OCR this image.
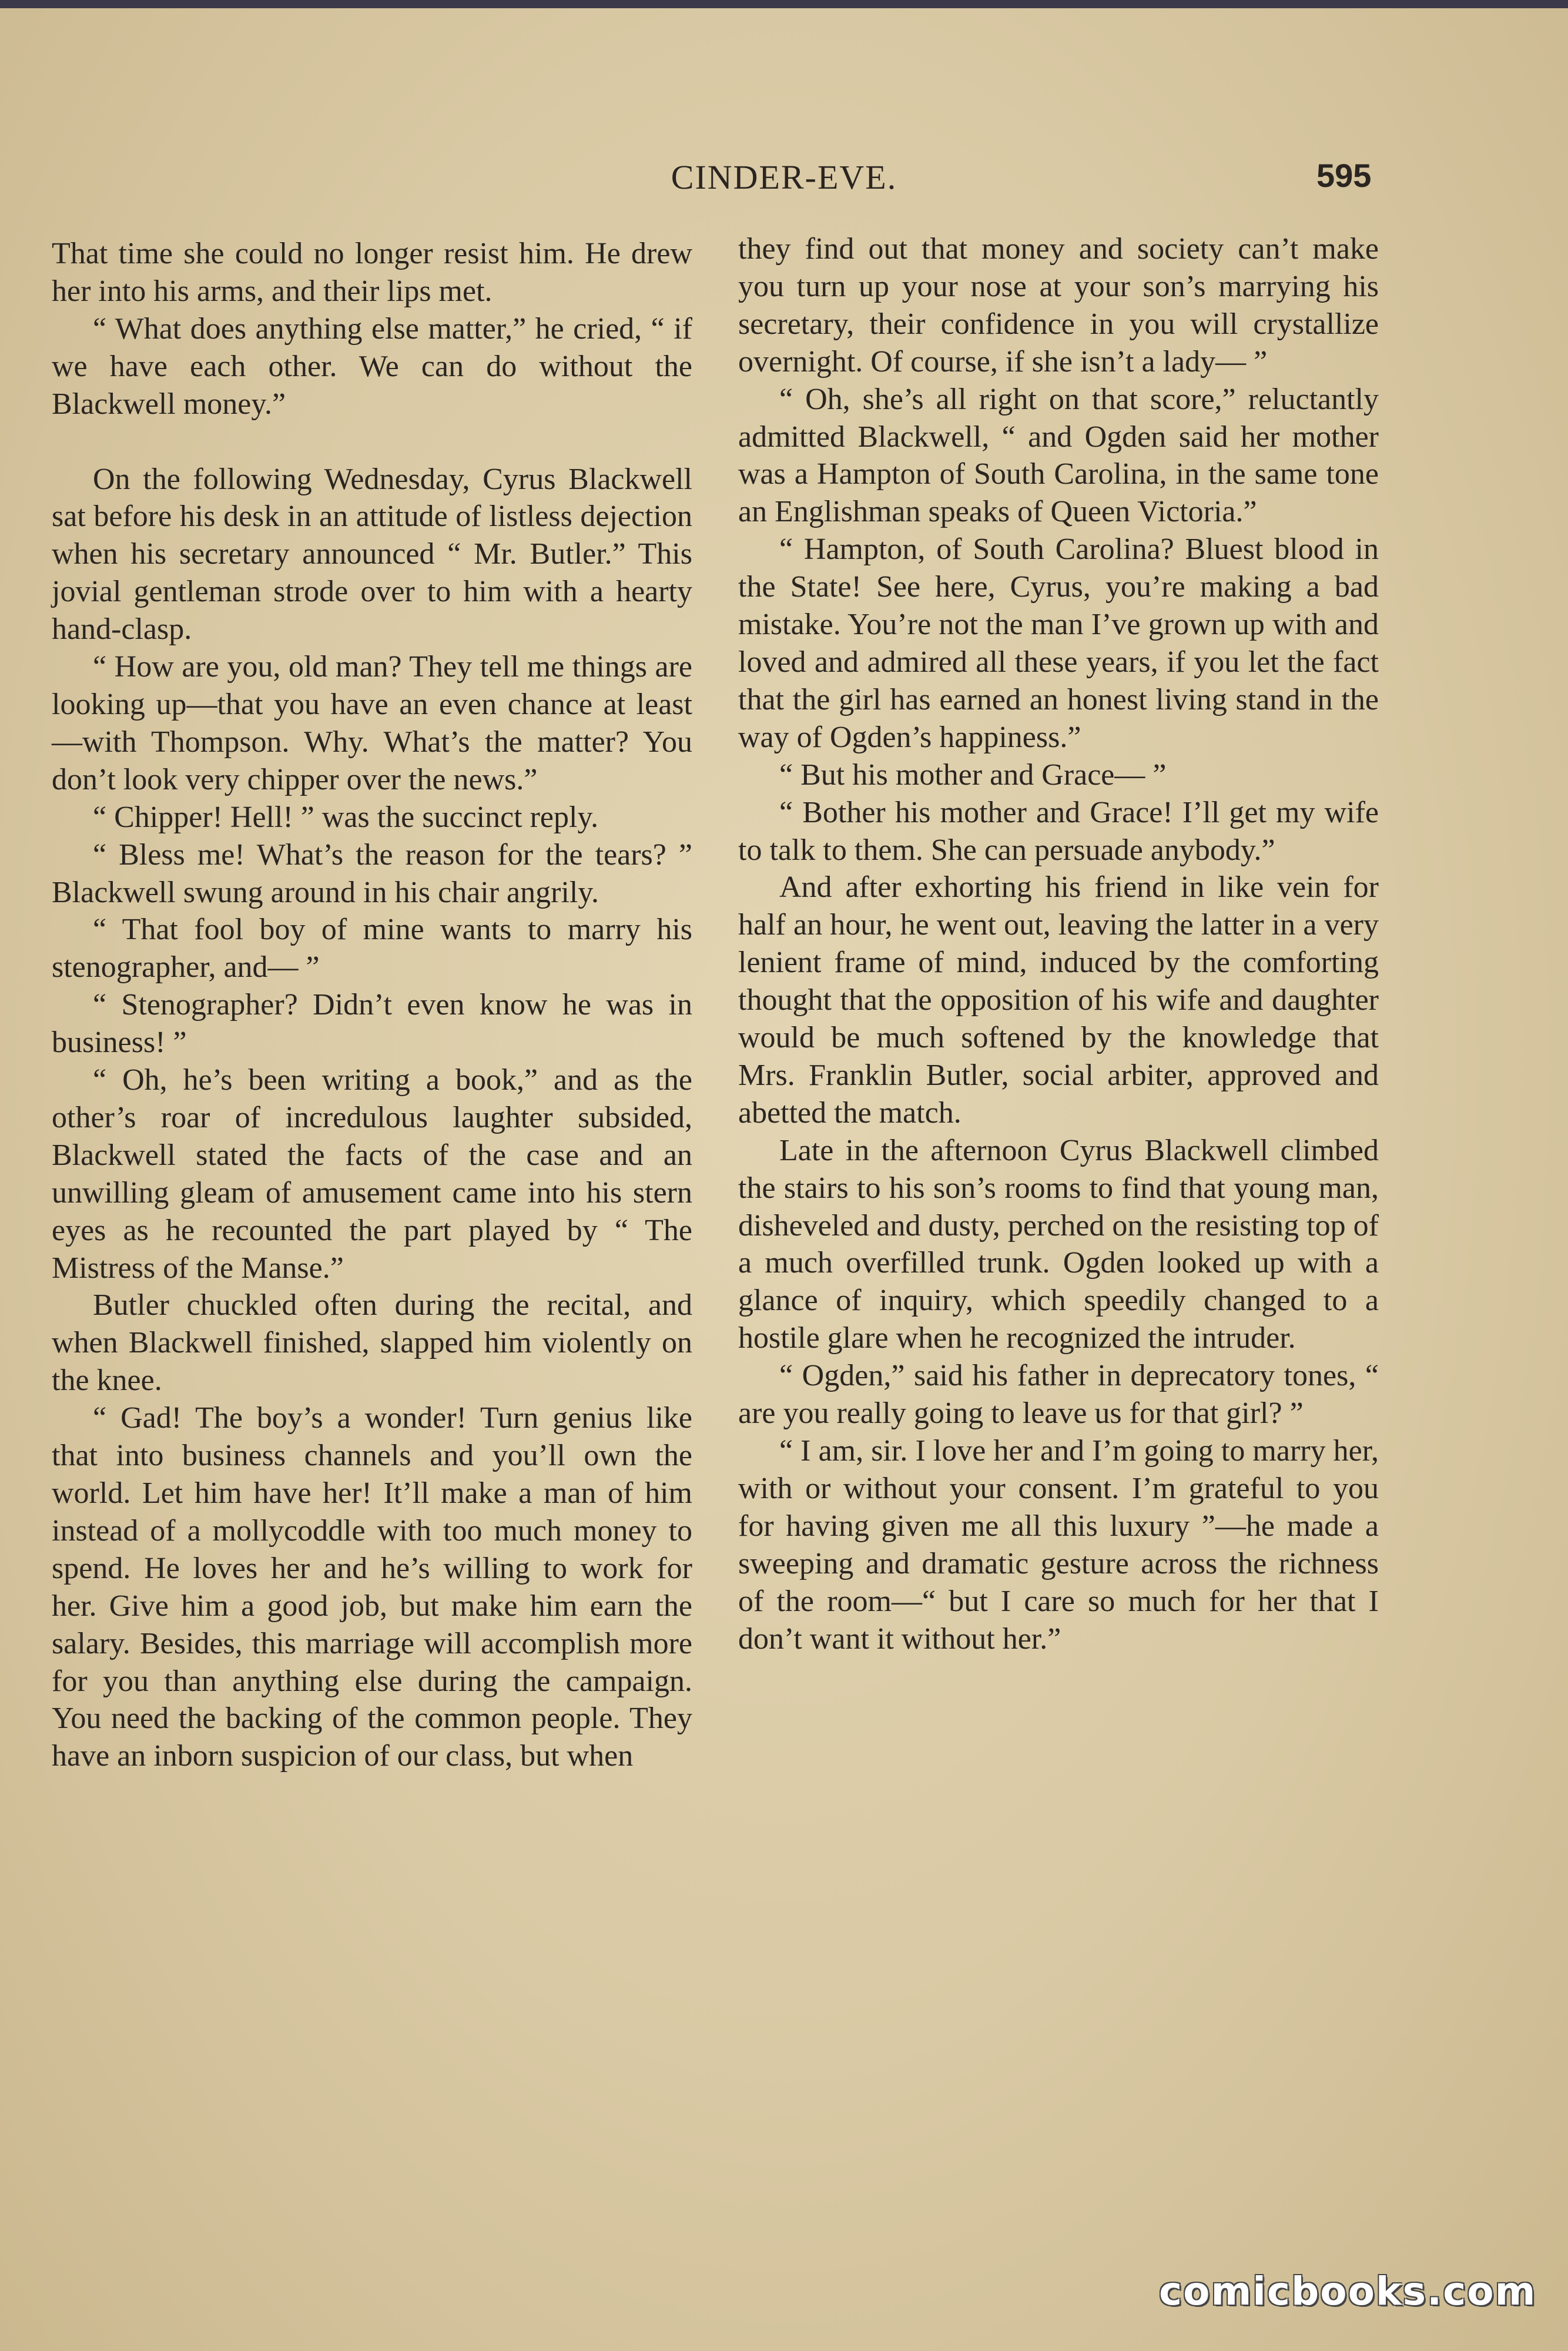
CINDER-EVE.	595

That time she could no longer resist him. He drew her into his arms, and their lips met.

“ What does anything else matter,” he cried, “ if we have each other. We can do without the Blackwell money.”

On the following Wednesday, Cyrus Blackwell sat before his desk in an attitude of listless dejection when his secretary announced “ Mr. Butler.” This jovial gentleman strode over to him with a hearty hand-clasp.

“ How are you, old man? They tell me things are looking up—that you have an even chance at least—with Thompson. Why. What’s the matter? You don’t look very chipper over the news.”

“ Chipper! Hell! ” was the succinct reply.

“ Bless me! What’s the reason for the tears? ” Blackwell swung around in his chair angrily.

“ That fool boy of mine wants to marry his stenographer, and— ”

“ Stenographer? Didn’t even know he was in business! ”

“ Oh, he’s been writing a book,” and as the other’s roar of incredulous laughter subsided, Blackwell stated the facts of the case and an unwilling gleam of amusement came into his stern eyes as he recounted the part played by “ The Mistress of the Manse.”

Butler chuckled often during the recital, and when Blackwell finished, slapped him violently on the knee.

“ Gad! The boy’s a wonder! Turn genius like that into business channels and you’ll own the world. Let him have her! It’ll make a man of him instead of a mollycoddle with too much money to spend. He loves her and he’s willing to work for her. Give him a good job, but make him earn the salary. Besides, this marriage will accomplish more for you than anything else during the campaign. You need the backing of the common people. They have an inborn suspicion of our class, but when

they find out that money and society can’t make you turn up your nose at your son’s marrying his secretary, their confidence in you will crystallize overnight. Of course, if she isn’t a lady— ”

“ Oh, she’s all right on that score,” reluctantly admitted Blackwell, “ and Ogden said her mother was a Hampton of South Carolina, in the same tone an Englishman speaks of Queen Victoria.”

“ Hampton, of South Carolina? Bluest blood in the State! See here, Cyrus, you’re making a bad mistake. You’re not the man I’ve grown up with and loved and admired all these years, if you let the fact that the girl has earned an honest living stand in the way of Ogden’s happiness.”

“ But his mother and Grace— ”

“ Bother his mother and Grace! I’ll get my wife to talk to them. She can persuade anybody.”

And after exhorting his friend in like vein for half an hour, he went out, leaving the latter in a very lenient frame of mind, induced by the comforting thought that the opposition of his wife and daughter would be much softened by the knowledge that Mrs. Franklin Butler, social arbiter, approved and abetted the match.

Late in the afternoon Cyrus Blackwell climbed the stairs to his son’s rooms to find that young man, disheveled and dusty, perched on the resisting top of a much overfilled trunk. Ogden looked up with a glance of inquiry, which speedily changed to a hostile glare when he recognized the intruder.

“ Ogden,” said his father in deprecatory tones, “ are you really going to leave us for that girl? ”

“ I am, sir. I love her and I’m going to marry her, with or without your consent. I’m grateful to you for having given me all this luxury ”—he made a sweeping and dramatic gesture across the richness of the room—“ but I care so much for her that I don’t want it without her.”

comicbooks.com
